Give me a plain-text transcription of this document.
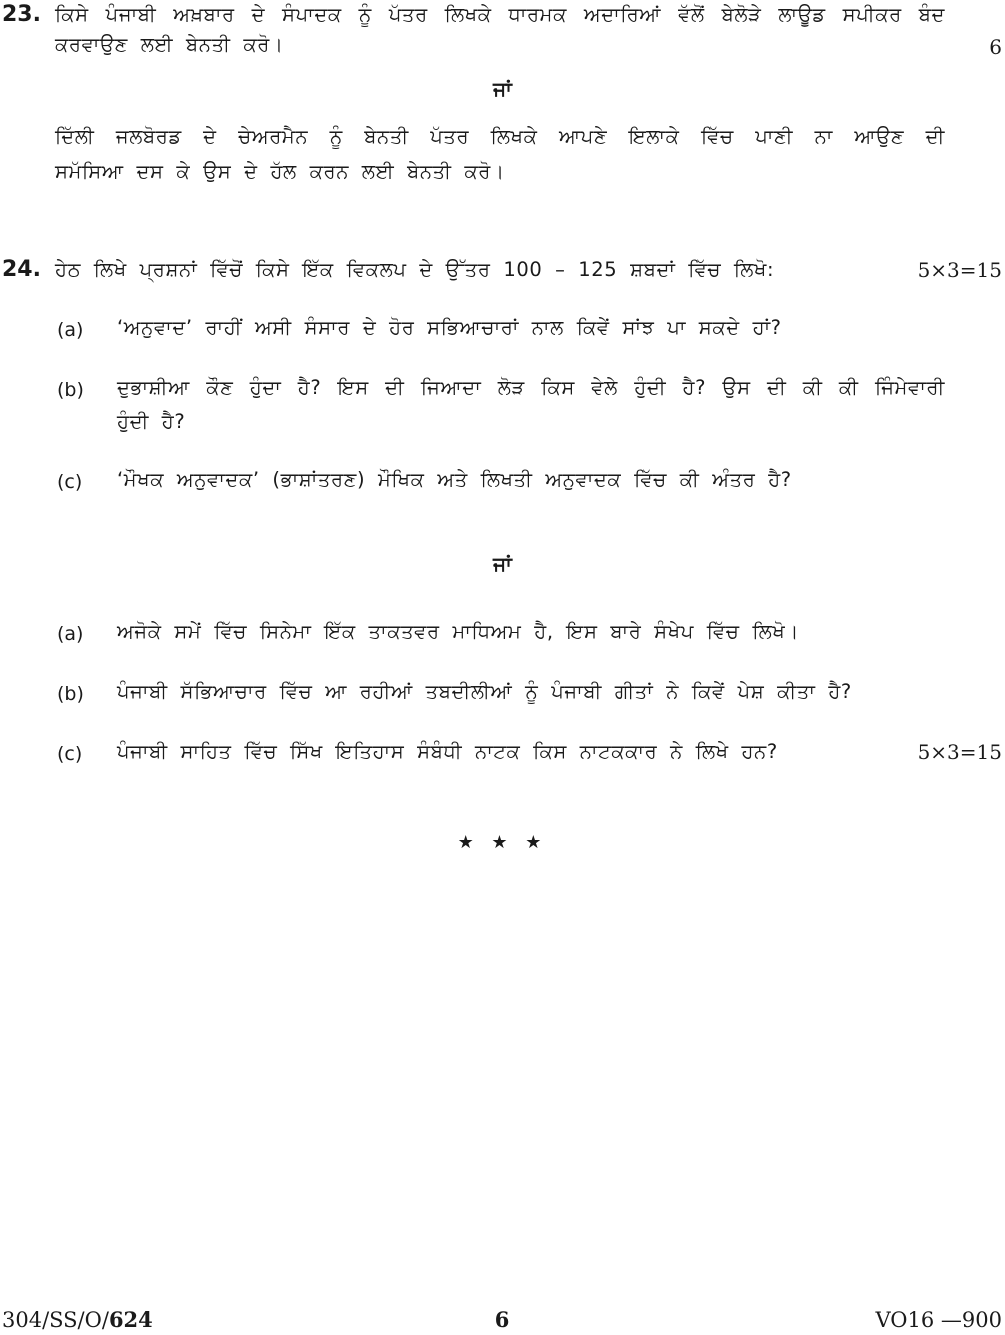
23. ਕਿਸੇ ਪੰਜਾਬੀ ਅਖ਼ਬਾਰ ਦੇ ਸੰਪਾਦਕ ਨੂੰ ਪੱਤਰ ਲਿਖਕੇ ਧਾਰਮਕ ਅਦਾਰਿਆਂ ਵੱਲੋਂ ਬੇਲੋੜੇ ਲਾਊਡ ਸਪੀਕਰ ਬੰਦ
ਕਰਵਾਉਣ ਲਈ ਬੇਨਤੀ ਕਰੋ।	6
ਜਾਂ
ਦਿੱਲੀ ਜਲਬੋਰਡ ਦੇ ਚੇਅਰਮੈਨ ਨੂੰ ਬੇਨਤੀ ਪੱਤਰ ਲਿਖਕੇ ਆਪਣੇ ਇਲਾਕੇ ਵਿੱਚ ਪਾਣੀ ਨਾ ਆਉਣ ਦੀ
ਸਮੱਸਿਆ ਦਸ ਕੇ ਉਸ ਦੇ ਹੱਲ ਕਰਨ ਲਈ ਬੇਨਤੀ ਕਰੋ।
24. ਹੇਠ ਲਿਖੇ ਪ੍ਰਸ਼ਨਾਂ ਵਿੱਚੋਂ ਕਿਸੇ ਇੱਕ ਵਿਕਲਪ ਦੇ ਉੱਤਰ 100 – 125 ਸ਼ਬਦਾਂ ਵਿੱਚ ਲਿਖੋ:	5×3=15
(a) ‘ਅਨੁਵਾਦ’ ਰਾਹੀਂ ਅਸੀ ਸੰਸਾਰ ਦੇ ਹੋਰ ਸਭਿਆਚਾਰਾਂ ਨਾਲ ਕਿਵੇਂ ਸਾਂਝ ਪਾ ਸਕਦੇ ਹਾਂ?
(b) ਦੁਭਾਸ਼ੀਆ ਕੌਣ ਹੁੰਦਾ ਹੈ? ਇਸ ਦੀ ਜਿਆਦਾ ਲੋੜ ਕਿਸ ਵੇਲੇ ਹੁੰਦੀ ਹੈ? ਉਸ ਦੀ ਕੀ ਕੀ ਜਿੰਮੇਵਾਰੀ
ਹੁੰਦੀ ਹੈ?
(c) ‘ਮੌਖਕ ਅਨੁਵਾਦਕ’ (ਭਾਸ਼ਾਂਤਰਣ) ਮੌਖਿਕ ਅਤੇ ਲਿਖਤੀ ਅਨੁਵਾਦਕ ਵਿੱਚ ਕੀ ਅੰਤਰ ਹੈ?
ਜਾਂ
(a) ਅਜੋਕੇ ਸਮੇਂ ਵਿੱਚ ਸਿਨੇਮਾ ਇੱਕ ਤਾਕਤਵਰ ਮਾਧਿਅਮ ਹੈ, ਇਸ ਬਾਰੇ ਸੰਖੇਪ ਵਿੱਚ ਲਿਖੋ।
(b) ਪੰਜਾਬੀ ਸੱਭਿਆਚਾਰ ਵਿੱਚ ਆ ਰਹੀਆਂ ਤਬਦੀਲੀਆਂ ਨੂੰ ਪੰਜਾਬੀ ਗੀਤਾਂ ਨੇ ਕਿਵੇਂ ਪੇਸ਼ ਕੀਤਾ ਹੈ?
(c) ਪੰਜਾਬੀ ਸਾਹਿਤ ਵਿੱਚ ਸਿੱਖ ਇਤਿਹਾਸ ਸੰਬੰਧੀ ਨਾਟਕ ਕਿਸ ਨਾਟਕਕਾਰ ਨੇ ਲਿਖੇ ਹਨ?	5×3=15
★ ★ ★
304/SS/O/624	6	VO16 —900
